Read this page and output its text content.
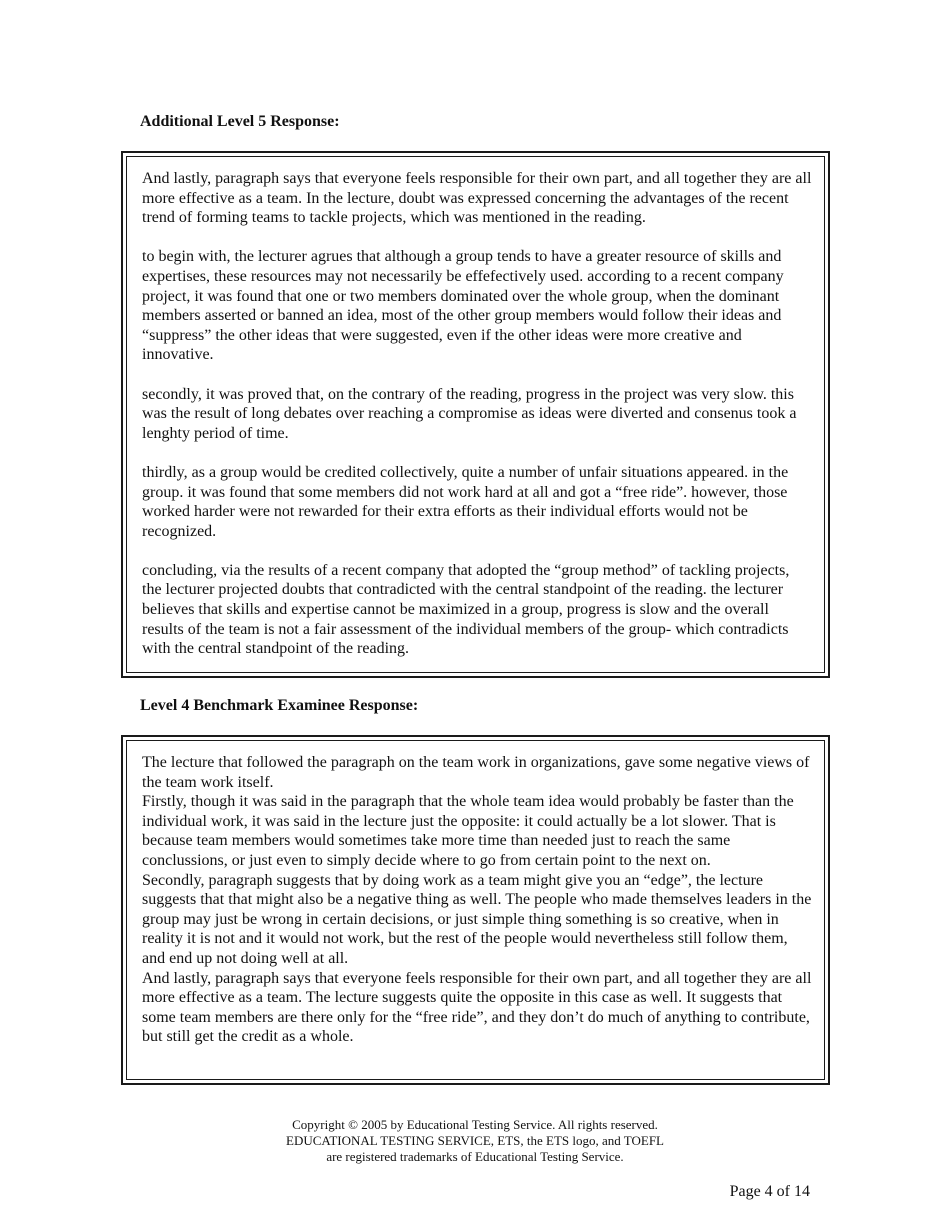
Additional Level 5 Response:

And lastly, paragraph says that everyone feels responsible for their own part, and all together they are all more effective as a team. In the lecture, doubt was expressed concerning the advantages of the recent trend of forming teams to tackle projects, which was mentioned in the reading.

to begin with, the lecturer agrues that although a group tends to have a greater resource of skills and expertises, these resources may not necessarily be effefectively used. according to a recent company project, it was found that one or two members dominated over the whole group, when the dominant members asserted or banned an idea, most of the other group members would follow their ideas and “suppress” the other ideas that were suggested, even if the other ideas were more creative and innovative.

secondly, it was proved that, on the contrary of the reading, progress in the project was very slow. this was the result of long debates over reaching a compromise as ideas were diverted and consenus took a lenghty period of time.

thirdly, as a group would be credited collectively, quite a number of unfair situations appeared. in the group. it was found that some members did not work hard at all and got a “free ride”. however, those worked harder were not rewarded for their extra efforts as their individual efforts would not be recognized.

concluding, via the results of a recent company that adopted the “group method” of tackling projects, the lecturer projected doubts that contradicted with the central standpoint of the reading. the lecturer believes that skills and expertise cannot be maximized in a group, progress is slow and the overall results of the team is not a fair assessment of the individual members of the group- which contradicts with the central standpoint of the reading.

Level 4 Benchmark Examinee Response:

The lecture that followed the paragraph on the team work in organizations, gave some negative views of the team work itself.

Firstly, though it was said in the paragraph that the whole team idea would probably be faster than the individual work, it was said in the lecture just the opposite: it could actually be a lot slower. That is because team members would sometimes take more time than needed just to reach the same conclussions, or just even to simply decide where to go from certain point to the next on.

Secondly, paragraph suggests that by doing work as a team might give you an “edge”, the lecture suggests that that might also be a negative thing as well. The people who made themselves leaders in the group may just be wrong in certain decisions, or just simple thing something is so creative, when in reality it is not and it would not work, but the rest of the people would nevertheless still follow them, and end up not doing well at all.

And lastly, paragraph says that everyone feels responsible for their own part, and all together they are all more effective as a team. The lecture suggests quite the opposite in this case as well. It suggests that some team members are there only for the “free ride”, and they don’t do much of anything to contribute, but still get the credit as a whole.

Copyright © 2005 by Educational Testing Service. All rights reserved.
EDUCATIONAL TESTING SERVICE, ETS, the ETS logo, and TOEFL
are registered trademarks of Educational Testing Service.
Page 4 of 14
